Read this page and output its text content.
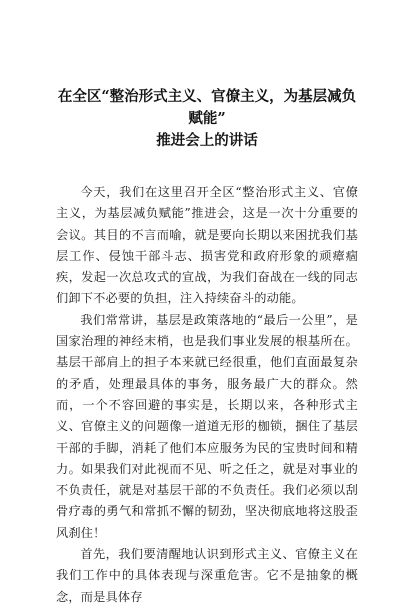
在全区“整治形式主义、官僚主义，为基层减负赋能”
推进会上的讲话

今天，我们在这里召开全区“整治形式主义、官僚主义，为基层减负赋能”推进会，这是一次十分重要的会议。其目的不言而喻，就是要向长期以来困扰我们基层工作、侵蚀干部斗志、损害党和政府形象的顽瘴痼疾，发起一次总攻式的宣战，为我们奋战在一线的同志们卸下不必要的负担，注入持续奋斗的动能。

我们常常讲，基层是政策落地的“最后一公里”，是国家治理的神经末梢，也是我们事业发展的根基所在。基层干部肩上的担子本来就已经很重，他们直面最复杂的矛盾，处理最具体的事务，服务最广大的群众。然而，一个不容回避的事实是，长期以来，各种形式主义、官僚主义的问题像一道道无形的枷锁，捆住了基层干部的手脚，消耗了他们本应服务为民的宝贵时间和精力。如果我们对此视而不见、听之任之，就是对事业的不负责任，就是对基层干部的不负责任。我们必须以刮骨疗毒的勇气和常抓不懈的韧劲，坚决彻底地将这股歪风刹住！

首先，我们要清醒地认识到形式主义、官僚主义在我们工作中的具体表现与深重危害。它不是抽象的概念，而是具体存
